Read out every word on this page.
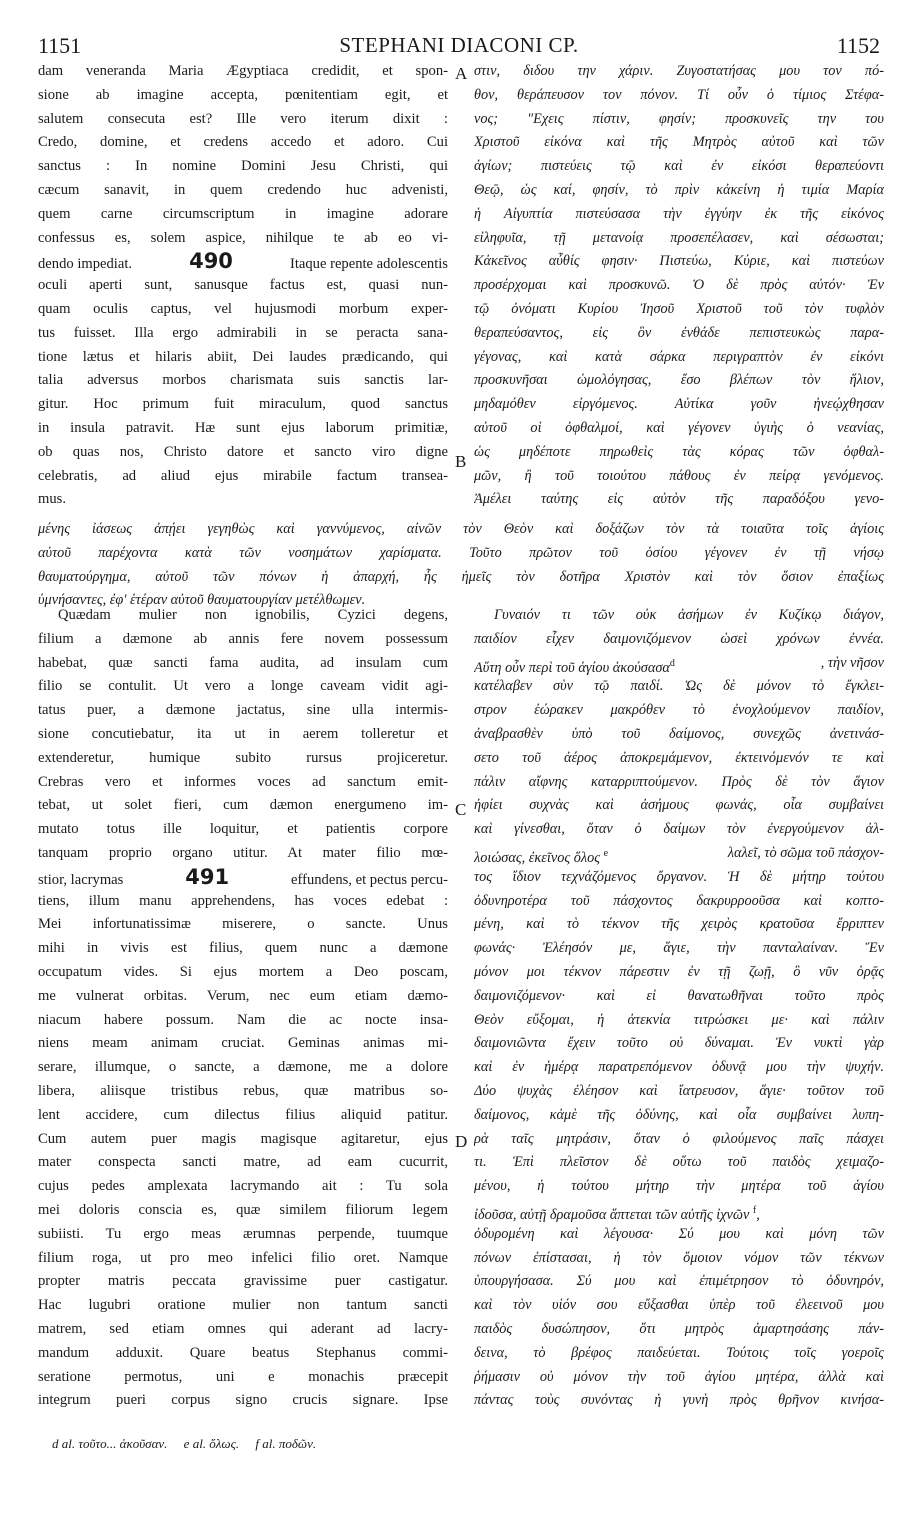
1151	STEPHANI DIACONI CP.	1152
dam veneranda Maria Ægyptiaca credidit, et spon-
sione ab imagine accepta, pœnitentiam egit, et
salutem consecuta est? Ille vero iterum dixit :
Credo, domine, et credens accedo et adoro. Cui
sanctus : In nomine Domini Jesu Christi, qui
cæcum sanavit, in quem credendo huc advenisti,
quem carne circumscriptum in imagine adorare
confessus es, solem aspice, nihilque te ab eo vi-
dendo impediat.	490	Itaque repente adolescentis
oculi aperti sunt, sanusque factus est, quasi nun-
quam oculis captus, vel hujusmodi morbum exper-
tus fuisset. Illa ergo admirabili in se peracta sana-
tione lætus et hilaris abiit, Dei laudes prædicando, qui
talia adversus morbos charismata suis sanctis lar-
gitur. Hoc primum fuit miraculum, quod sanctus
in insula patravit. Hæ sunt ejus laborum primitiæ,
ob quas nos, Christo datore et sancto viro digne
celebratis, ad aliud ejus mirabile factum transea-
mus.
A
B
στιν, διδου την χάριν. Ζυγοστατήσας μου τον πό-
θον, θεράπευσον τον πόνον. Τί οὖν ὁ τίμιος Στέφα-
νος; "Εχεις πίστιν, φησίν; προσκυνεῖς την του
Χριστοῦ εἰκόνα καὶ τῆς Μητρὸς αὐτοῦ καὶ τῶν
ἁγίων; πιστεύεις τῷ καὶ ἐν εἰκόσι θεραπεύοντι
Θεῷ, ὡς καί, φησίν, τὸ πρὶν κἀκείνη ἡ τιμία Μαρία
ἡ Αἰγυπτία πιστεύσασα τὴν ἐγγύην ἐκ τῆς εἰκόνος
εἰληφυῖα, τῇ μετανοίᾳ προσεπέλασεν, καὶ σέσωσται;
Κἀκεῖνος αὖθίς φησιν· Πιστεύω, Κύριε, καὶ πιστεύων
προσέρχομαι καὶ προσκυνῶ. Ὁ δὲ πρὸς αὐτόν· Ἐν
τῷ ὀνόματι Κυρίου Ἰησοῦ Χριστοῦ τοῦ τὸν τυφλὸν
θεραπεύσαντος, εἰς ὃν ἐνθάδε πεπιστευκὼς παρα-
γέγονας, καὶ κατὰ σάρκα περιγραπτὸν ἐν εἰκόνι
προσκυνῆσαι ὡμολόγησας, ἔσο βλέπων τὸν ἥλιον,
μηδαμόθεν εἰργόμενος. Αὐτίκα γοῦν ἠνεῴχθησαν
αὐτοῦ οἱ ὀφθαλμοί, καὶ γέγονεν ὑγιὴς ὁ νεανίας,
ὡς μηδέποτε πηρωθεὶς τὰς κόρας τῶν ὀφθαλ-
μῶν, ἢ τοῦ τοιούτου πάθους ἐν πείρᾳ γενόμενος.
Ἀμέλει ταύτης εἰς αὐτὸν τῆς παραδόξου γενο-
μένης ἰάσεως ἀπῄει γεγηθὼς καὶ γαννύμενος, αἰνῶν τὸν Θεὸν καὶ δοξάζων τὸν τὰ τοιαῦτα τοῖς ἁγίοις
αὐτοῦ παρέχοντα κατὰ τῶν νοσημάτων χαρίσματα. Τοῦτο πρῶτον τοῦ ὁσίου γέγονεν ἐν τῇ νήσῳ
θαυματούργημα, αὐτοῦ τῶν πόνων ἡ ἀπαρχή, ἧς ἡμεῖς τὸν δοτῆρα Χριστὸν καὶ τὸν ὅσιον ἐπαξίως
ὑμνήσαντες, ἐφ' ἑτέραν αὐτοῦ θαυματουργίαν μετέλθωμεν.
Quædam mulier non ignobilis, Cyzici degens,
filium a dæmone ab annis fere novem possessum
habebat, quæ sancti fama audita, ad insulam cum
filio se contulit. Ut vero a longe caveam vidit agi-
tatus puer, a dæmone jactatus, sine ulla intermis-
sione concutiebatur, ita ut in aerem tolleretur et
extenderetur, humique subito rursus projiceretur.
Crebras vero et informes voces ad sanctum emit-
tebat, ut solet fieri, cum dæmon energumeno im-
mutato totus ille loquitur, et patientis corpore
tanquam proprio organo utitur. At mater filio mœ-
stior, lacrymas	491	effundens, et pectus percu-
tiens, illum manu apprehendens, has voces edebat :
Mei infortunatissimæ miserere, o sancte. Unus
mihi in vivis est filius, quem nunc a dæmone
occupatum vides. Si ejus mortem a Deo poscam,
me vulnerat orbitas. Verum, nec eum etiam dæmo-
niacum habere possum. Nam die ac nocte insa-
niens meam animam cruciat. Geminas animas mi-
serare, illumque, o sancte, a dæmone, me a dolore
libera, aliisque tristibus rebus, quæ matribus so-
lent accidere, cum dilectus filius aliquid patitur.
Cum autem puer magis magisque agitaretur, ejus
mater conspecta sancti matre, ad eam cucurrit,
cujus pedes amplexata lacrymando ait : Tu sola
mei doloris conscia es, quæ similem filiorum legem
subiisti. Tu ergo meas ærumnas perpende, tuumque
filium roga, ut pro meo infelici filio oret. Namque
propter matris peccata gravissime puer castigatur.
Hac lugubri oratione mulier non tantum sancti
matrem, sed etiam omnes qui aderant ad lacry-
mandum adduxit. Quare beatus Stephanus commi-
seratione permotus, uni e monachis præcepit
integrum pueri corpus signo crucis signare. Ipse
C
D
Γυναιόν τι τῶν οὐκ ἀσήμων ἐν Κυζίκῳ διάγον,
παιδίον εἶχεν δαιμονιζόμενον ὡσεὶ χρόνων ἐννέα.
Αὕτη οὖν περὶ τοῦ ἁγίου ἀκούσασα$^d$	, τὴν νῆσον
κατέλαβεν σὺν τῷ παιδί. Ὡς δὲ μόνον τὸ ἔγκλει-
στρον ἑώρακεν μακρόθεν τὸ ἐνοχλούμενον παιδίον,
ἀναβρασθὲν ὑπὸ τοῦ δαίμονος, συνεχῶς ἀνετινάσ-
σετο τοῦ ἀέρος ἀποκρεμάμενον, ἐκτεινόμενόν τε καὶ
πάλιν αἴφνης καταρριπτούμενον. Πρὸς δὲ τὸν ἅγιον
ἠφίει συχνὰς καὶ ἀσήμους φωνάς, οἷα συμβαίνει
καὶ γίνεσθαι, ὅταν ὁ δαίμων τὸν ἐνεργούμενον ἀλ-
λοιώσας, ἐκεῖνος ὅλος $^e$	λαλεῖ, τὸ σῶμα τοῦ πάσχον-
τος ἴδιον τεχνάζόμενος ὄργανον. Ἡ δὲ μήτηρ τούτου
ὀδυνηροτέρα τοῦ πάσχοντος δακρυρροοῦσα καὶ κοπτο-
μένη, καὶ τὸ τέκνον τῆς χειρὸς κρατοῦσα ἔρριπτεν
φωνάς· Ἐλέησόν με, ἅγιε, τὴν πανταλαίναν. Ἕν
μόνον μοι τέκνον πάρεστιν ἐν τῇ ζωῇ, ὃ νῦν ὁρᾷς
δαιμονιζόμενον· καὶ εἰ θανατωθῆναι τοῦτο πρὸς
Θεὸν εὔξομαι, ἡ ἀτεκνία τιτρώσκει με· καὶ πάλιν
δαιμονιῶντα ἔχειν τοῦτο οὐ δύναμαι. Ἐν νυκτὶ γὰρ
καὶ ἐν ἡμέρᾳ παρατρεπόμενον ὀδυνᾷ μου τὴν ψυχήν.
Δύο ψυχὰς ἐλέησον καὶ ἴατρευσον, ἅγιε· τοῦτον τοῦ
δαίμονος, κἀμὲ τῆς ὀδύνης, καὶ οἷα συμβαίνει λυπη-
ρὰ ταῖς μητράσιν, ὅταν ὁ φιλούμενος παῖς πάσχει
τι. Ἐπὶ πλεῖστον δὲ οὕτω τοῦ παιδὸς χειμαζο-
μένου, ἡ τούτου μήτηρ τὴν μητέρα τοῦ ἁγίου
ἰδοῦσα, αὐτῇ δραμοῦσα ἅπτεται τῶν αὐτῆς ἰχνῶν $^f$,
ὀδυρομένη καὶ λέγουσα· Σύ μου καὶ μόνη τῶν
πόνων ἐπίστασαι, ἡ τὸν ὅμοιον νόμον τῶν τέκνων
ὑπουργήσασα. Σύ μου καὶ ἐπιμέτρησον τὸ ὀδυνηρόν,
καὶ τὸν υἱόν σου εὔξασθαι ὑπὲρ τοῦ ἐλεεινοῦ μου
παιδὸς δυσώπησον, ὅτι μητρὸς ἁμαρτησάσης πάν-
δεινα, τὸ βρέφος παιδεύεται. Τούτοις τοῖς γοεροῖς
ῥήμασιν οὐ μόνον τὴν τοῦ ἁγίου μητέρα, ἀλλὰ καὶ
πάντας τοὺς συνόντας ἡ γυνὴ πρὸς θρῆνον κινήσα-
d al. τοῦτο... ἀκοῦσαν. e al. ὅλως. f al. ποδῶν.
